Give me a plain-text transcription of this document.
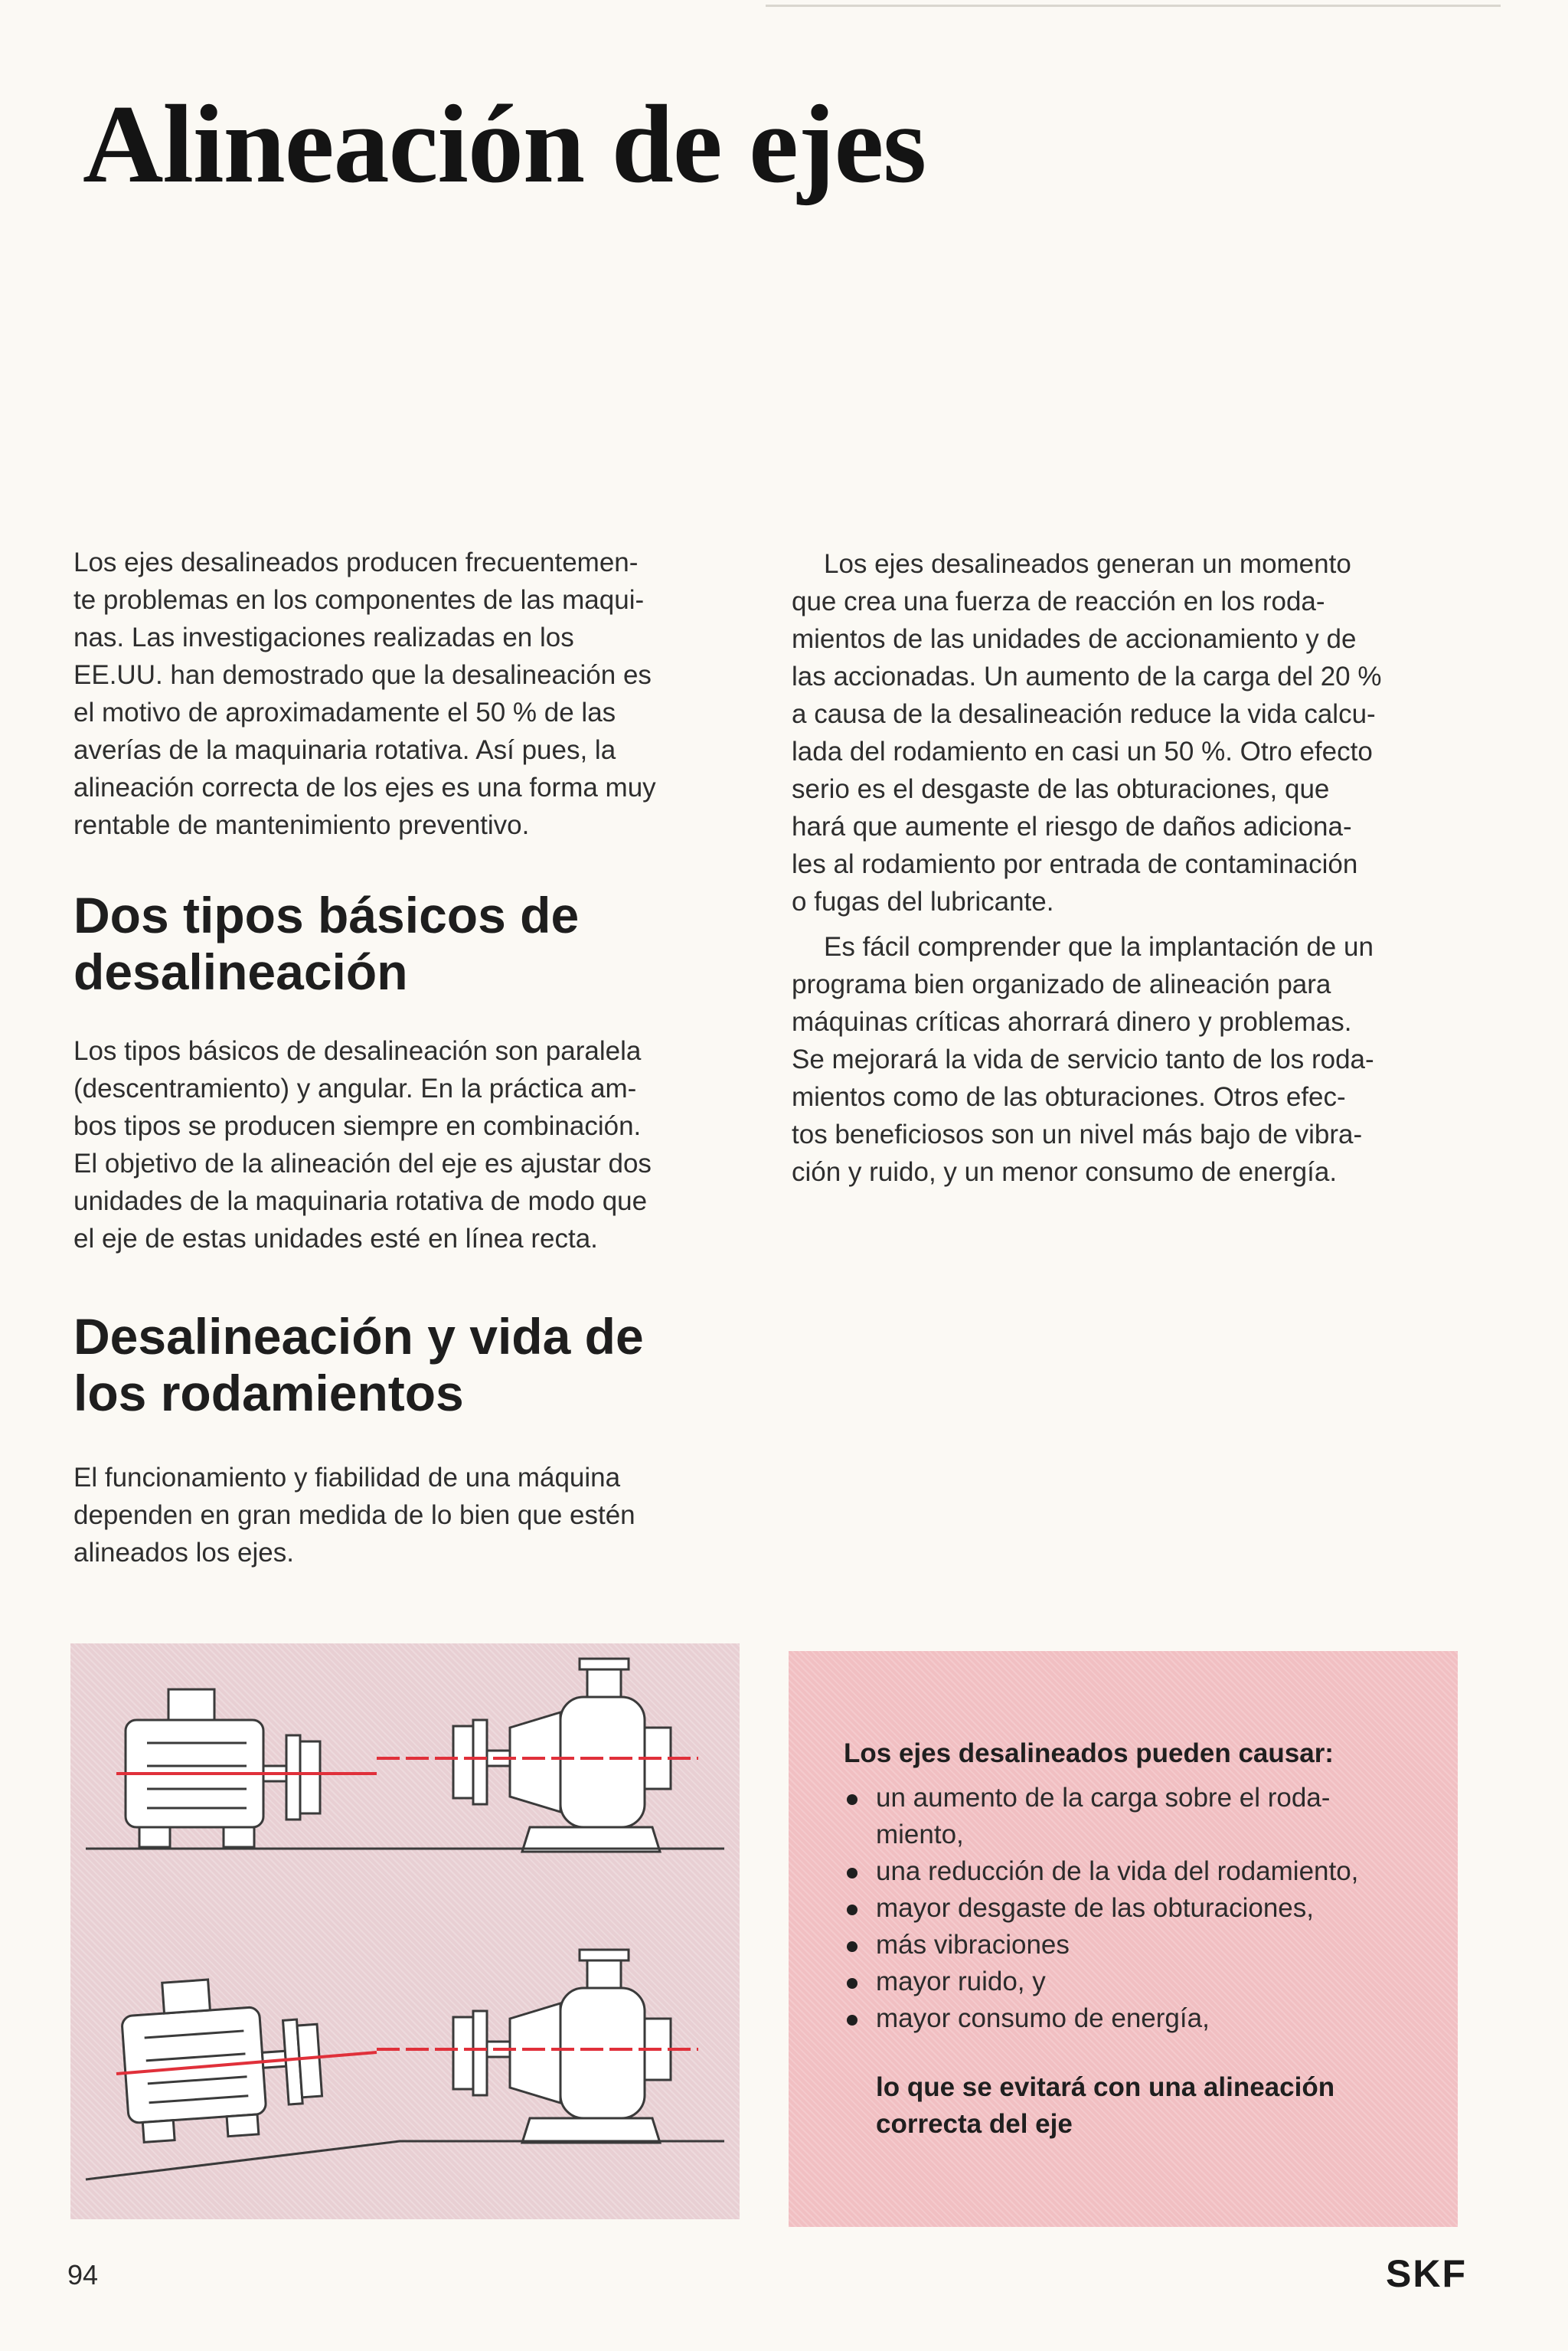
Alineación de ejes

Los ejes desalineados producen frecuentemen-
te problemas en los componentes de las maqui-
nas. Las investigaciones realizadas en los
EE.UU. han demostrado que la desalineación es
el motivo de aproximadamente el 50 % de las
averías de la maquinaria rotativa. Así pues, la
alineación correcta de los ejes es una forma muy
rentable de mantenimiento preventivo.

Dos tipos básicos de
desalineación

Los tipos básicos de desalineación son paralela
(descentramiento) y angular. En la práctica am-
bos tipos se producen siempre en combinación.
El objetivo de la alineación del eje es ajustar dos
unidades de la maquinaria rotativa de modo que
el eje de estas unidades esté en línea recta.

Desalineación y vida de
los rodamientos

El funcionamiento y fiabilidad de una máquina
dependen en gran medida de lo bien que estén
alineados los ejes.

Los ejes desalineados generan un momento
que crea una fuerza de reacción en los roda-
mientos de las unidades de accionamiento y de
las accionadas. Un aumento de la carga del 20 %
a causa de la desalineación reduce la vida calcu-
lada del rodamiento en casi un 50 %. Otro efecto
serio es el desgaste de las obturaciones, que
hará que aumente el riesgo de daños adiciona-
les al rodamiento por entrada de contaminación
o fugas del lubricante.

Es fácil comprender que la implantación de un
programa bien organizado de alineación para
máquinas críticas ahorrará dinero y problemas.
Se mejorará la vida de servicio tanto de los roda-
mientos como de las obturaciones. Otros efec-
tos beneficiosos son un nivel más bajo de vibra-
ción y ruido, y un menor consumo de energía.

Los ejes desalineados pueden causar:

un aumento de la carga sobre el roda-
miento,
una reducción de la vida del rodamiento,
mayor desgaste de las obturaciones,
más vibraciones
mayor ruido, y
mayor consumo de energía,

lo que se evitará con una alineación
correcta del eje

94	SKF
